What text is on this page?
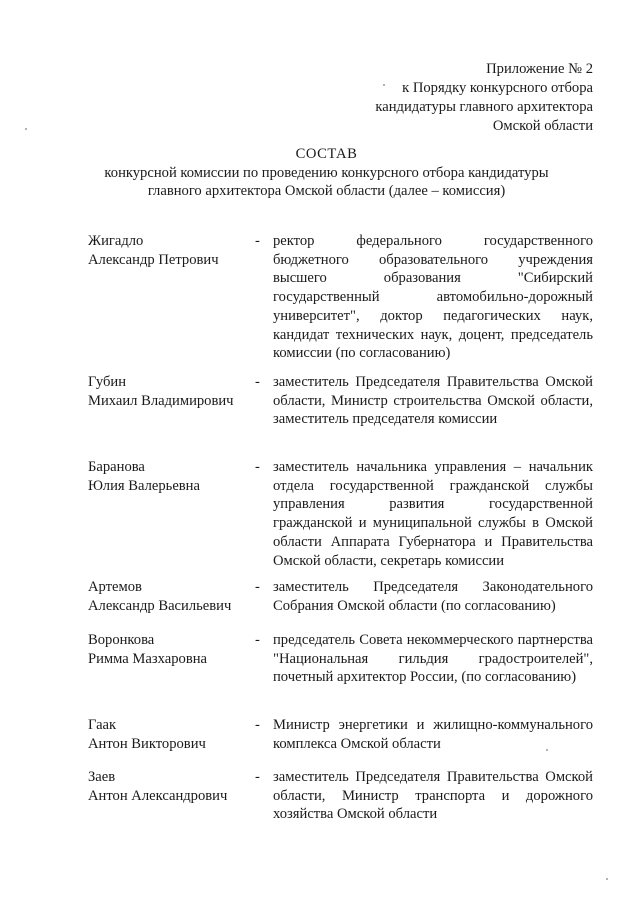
Приложение № 2
к Порядку конкурсного отбора
кандидатуры главного архитектора
Омской области
СОСТАВ
конкурсной комиссии по проведению конкурсного отбора кандидатуры
главного архитектора Омской области (далее – комиссия)
Жигадло
Александр Петрович
- ректор федерального государственного бюджетного образовательного учреждения высшего образования "Сибирский государственный автомобильно-дорожный университет", доктор педагогических наук, кандидат технических наук, доцент, председатель комиссии (по согласованию)
Губин
Михаил Владимирович
- заместитель Председателя Правительства Омской области, Министр строительства Омской области, заместитель председателя комиссии
Баранова
Юлия Валерьевна
- заместитель начальника управления – начальник отдела государственной гражданской службы управления развития государственной гражданской и муниципальной службы в Омской области Аппарата Губернатора и Правительства Омской области, секретарь комиссии
Артемов
Александр Васильевич
- заместитель Председателя Законодательного Собрания Омской области (по согласованию)
Воронкова
Римма Мазхаровна
- председатель Совета некоммерческого партнерства "Национальная гильдия градостроителей", почетный архитектор России, (по согласованию)
Гаак
Антон Викторович
- Министр энергетики и жилищно-коммунального комплекса Омской области
Заев
Антон Александрович
- заместитель Председателя Правительства Омской области, Министр транспорта и дорожного хозяйства Омской области
